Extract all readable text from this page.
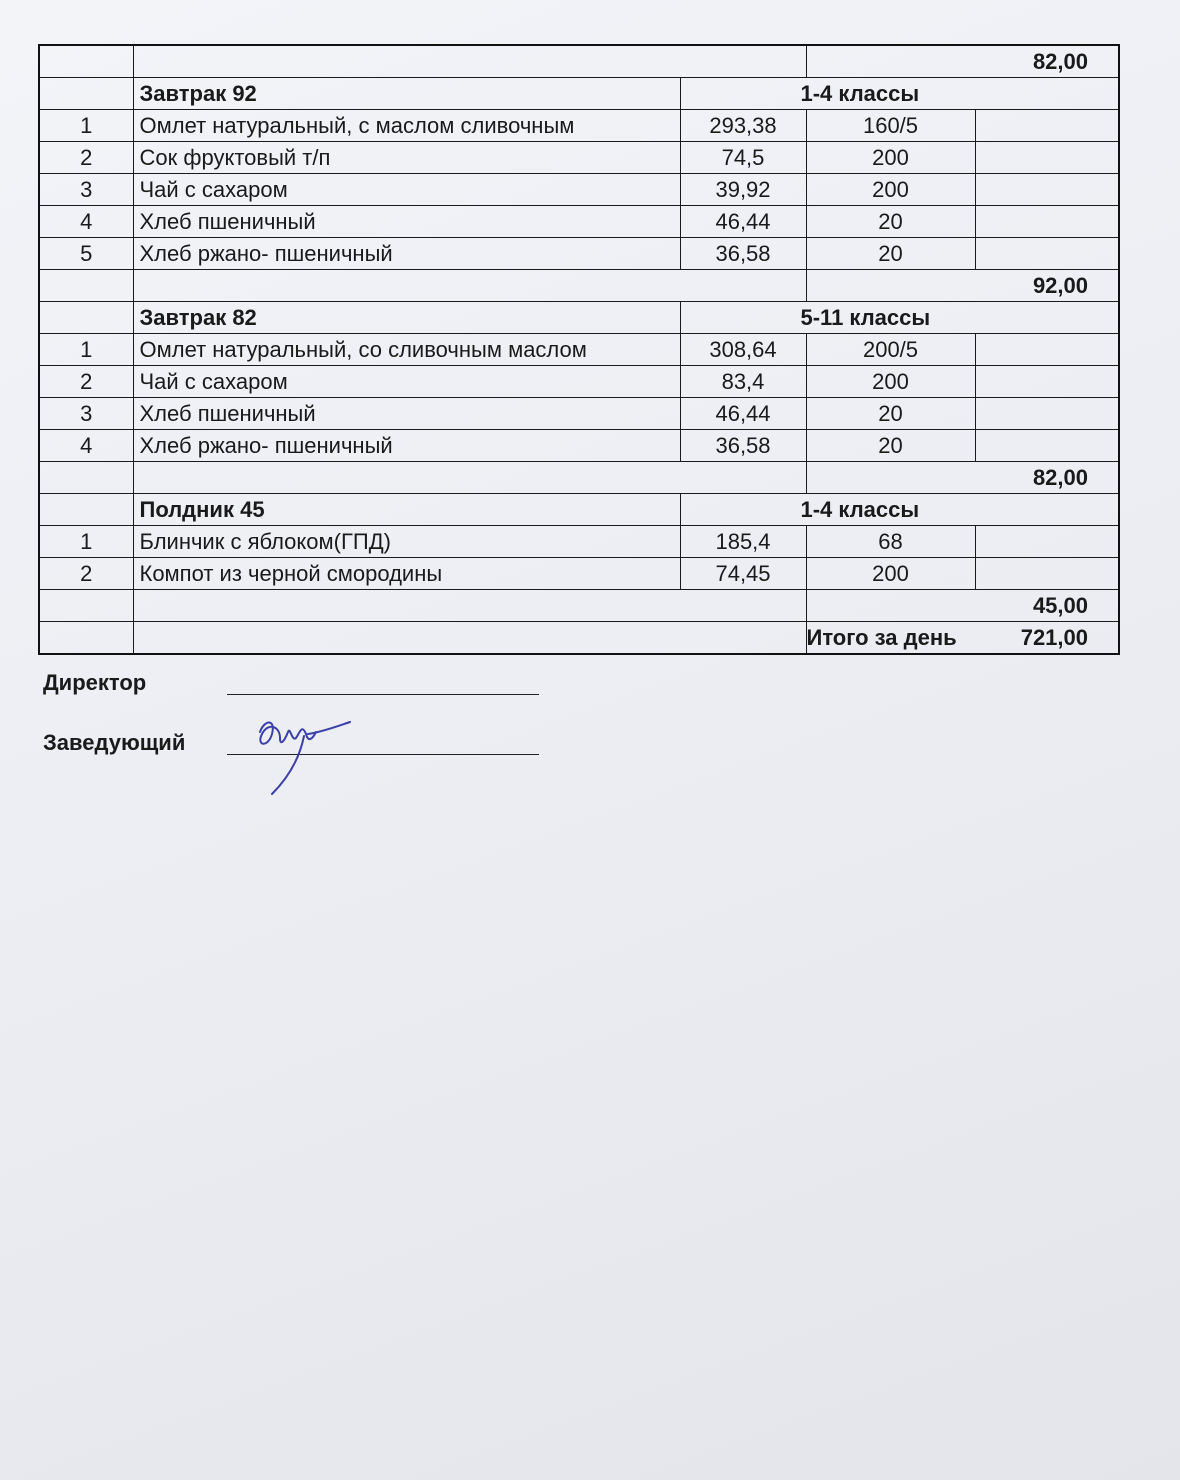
			82,00	
	Завтрак 92	1-4 классы		
1	Омлет натуральный, с маслом сливочным	293,38	160/5	
2	Сок фруктовый т/п	74,5	200	
3	Чай с сахаром	39,92	200	
4	Хлеб пшеничный	46,44	20	
5	Хлеб ржано- пшеничный	36,58	20	
			92,00	
	Завтрак 82	5-11 классы		
1	Омлет натуральный, со сливочным маслом	308,64	200/5	
2	Чай с сахаром	83,4	200	
3	Хлеб пшеничный	46,44	20	
4	Хлеб ржано- пшеничный	36,58	20	
			82,00	
	Полдник 45	1-4 классы		
1	Блинчик с яблоком(ГПД)	185,4	68	
2	Компот из черной смородины	74,45	200	
			45,00	
			Итого за день 721,00	
Директор
Заведующий
